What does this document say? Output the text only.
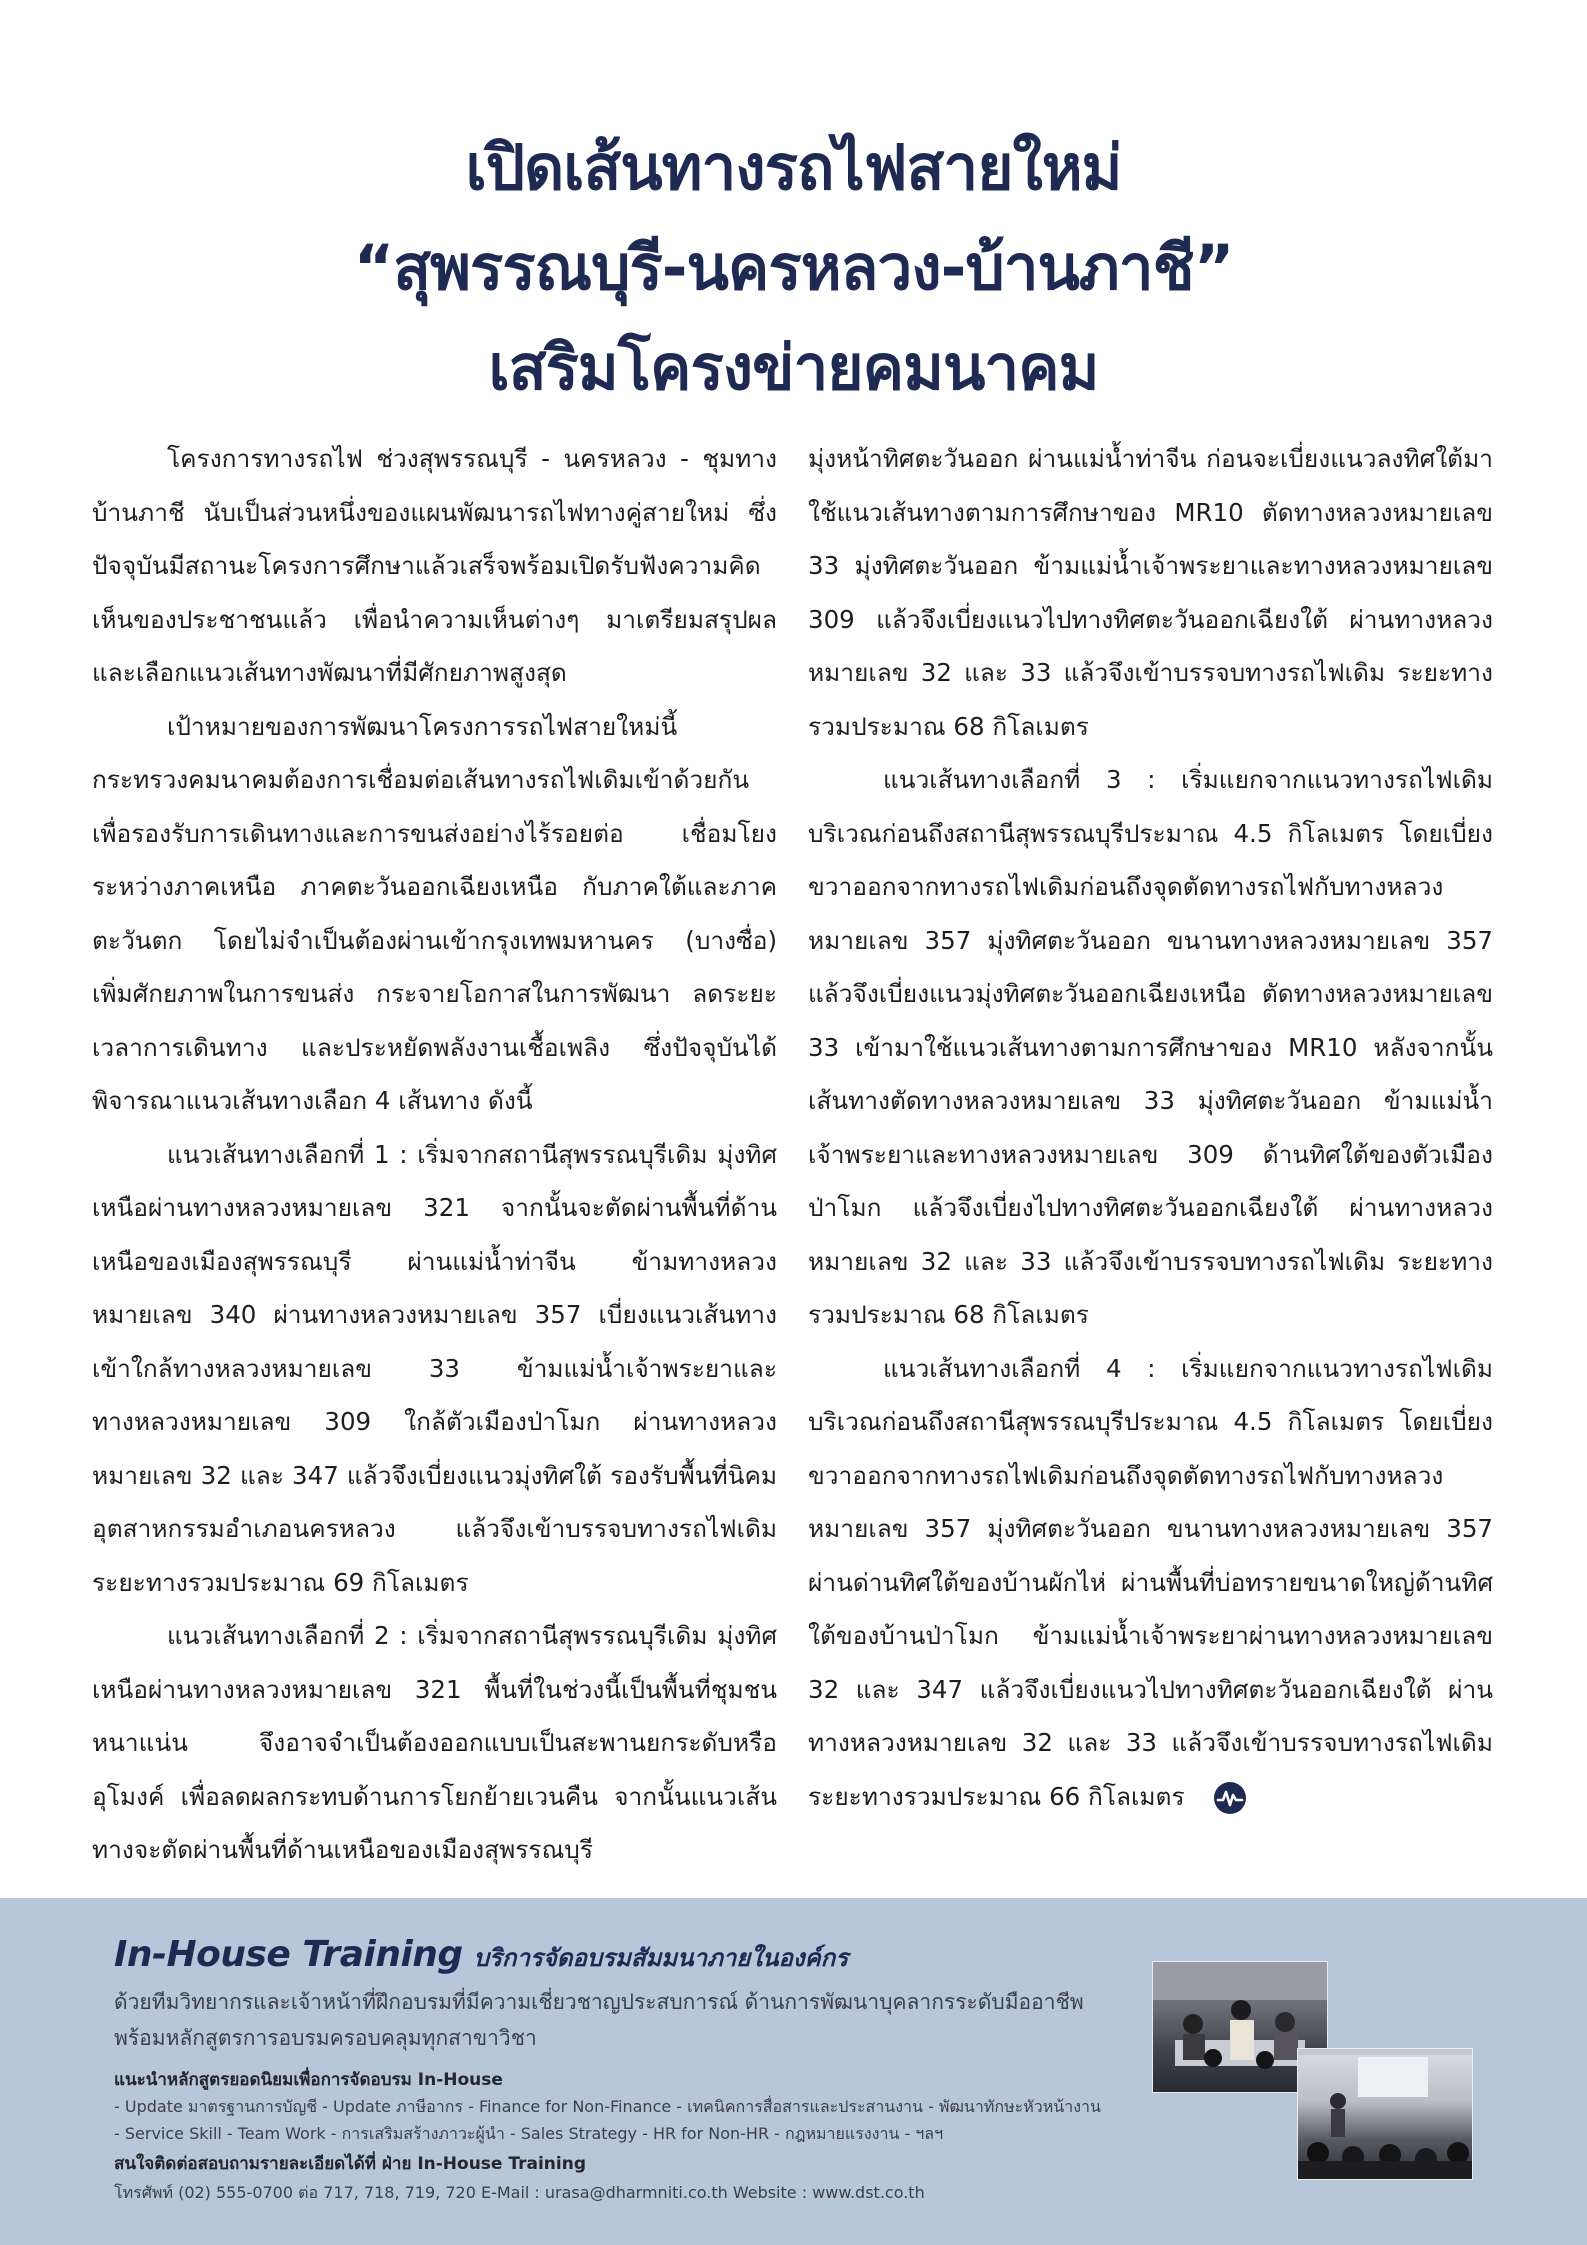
เปิดเส้นทางรถไฟสายใหม่
“สุพรรณบุรี-นครหลวง-บ้านภาชี”
เสริมโครงข่ายคมนาคม

โครงการทางรถไฟ ช่วงสุพรรณบุรี - นครหลวง - ชุมทางบ้านภาชี นับเป็นส่วนหนึ่งของแผนพัฒนารถไฟทางคู่สายใหม่ ซึ่งปัจจุบันมีสถานะโครงการศึกษาแล้วเสร็จพร้อมเปิดรับฟังความคิดเห็นของประชาชนแล้ว เพื่อนำความเห็นต่างๆ มาเตรียมสรุปผลและเลือกแนวเส้นทางพัฒนาที่มีศักยภาพสูงสุด

เป้าหมายของการพัฒนาโครงการรถไฟสายใหม่นี้ กระทรวงคมนาคมต้องการเชื่อมต่อเส้นทางรถไฟเดิมเข้าด้วยกัน เพื่อรองรับการเดินทางและการขนส่งอย่างไร้รอยต่อ เชื่อมโยงระหว่างภาคเหนือ ภาคตะวันออกเฉียงเหนือ กับภาคใต้และภาคตะวันตก โดยไม่จำเป็นต้องผ่านเข้ากรุงเทพมหานคร (บางซื่อ) เพิ่มศักยภาพในการขนส่ง กระจายโอกาสในการพัฒนา ลดระยะเวลาการเดินทาง และประหยัดพลังงานเชื้อเพลิง ซึ่งปัจจุบันได้พิจารณาแนวเส้นทางเลือก 4 เส้นทาง ดังนี้

แนวเส้นทางเลือกที่ 1 : เริ่มจากสถานีสุพรรณบุรีเดิม มุ่งทิศเหนือผ่านทางหลวงหมายเลข 321 จากนั้นจะตัดผ่านพื้นที่ด้านเหนือของเมืองสุพรรณบุรี ผ่านแม่น้ำท่าจีน ข้ามทางหลวงหมายเลข 340 ผ่านทางหลวงหมายเลข 357 เบี่ยงแนวเส้นทางเข้าใกล้ทางหลวงหมายเลข 33 ข้ามแม่น้ำเจ้าพระยาและทางหลวงหมายเลข 309 ใกล้ตัวเมืองป่าโมก ผ่านทางหลวงหมายเลข 32 และ 347 แล้วจึงเบี่ยงแนวมุ่งทิศใต้ รองรับพื้นที่นิคมอุตสาหกรรมอำเภอนครหลวง แล้วจึงเข้าบรรจบทางรถไฟเดิม ระยะทางรวมประมาณ 69 กิโลเมตร

แนวเส้นทางเลือกที่ 2 : เริ่มจากสถานีสุพรรณบุรีเดิม มุ่งทิศเหนือผ่านทางหลวงหมายเลข 321 พื้นที่ในช่วงนี้เป็นพื้นที่ชุมชนหนาแน่น จึงอาจจำเป็นต้องออกแบบเป็นสะพานยกระดับหรืออุโมงค์ เพื่อลดผลกระทบด้านการโยกย้ายเวนคืน จากนั้นแนวเส้นทางจะตัดผ่านพื้นที่ด้านเหนือของเมืองสุพรรณบุรี

มุ่งหน้าทิศตะวันออก ผ่านแม่น้ำท่าจีน ก่อนจะเบี่ยงแนวลงทิศใต้มาใช้แนวเส้นทางตามการศึกษาของ MR10 ตัดทางหลวงหมายเลข 33 มุ่งทิศตะวันออก ข้ามแม่น้ำเจ้าพระยาและทางหลวงหมายเลข 309 แล้วจึงเบี่ยงแนวไปทางทิศตะวันออกเฉียงใต้ ผ่านทางหลวงหมายเลข 32 และ 33 แล้วจึงเข้าบรรจบทางรถไฟเดิม ระยะทางรวมประมาณ 68 กิโลเมตร

แนวเส้นทางเลือกที่ 3 : เริ่มแยกจากแนวทางรถไฟเดิมบริเวณก่อนถึงสถานีสุพรรณบุรีประมาณ 4.5 กิโลเมตร โดยเบี่ยงขวาออกจากทางรถไฟเดิมก่อนถึงจุดตัดทางรถไฟกับทางหลวงหมายเลข 357 มุ่งทิศตะวันออก ขนานทางหลวงหมายเลข 357 แล้วจึงเบี่ยงแนวมุ่งทิศตะวันออกเฉียงเหนือ ตัดทางหลวงหมายเลข 33 เข้ามาใช้แนวเส้นทางตามการศึกษาของ MR10 หลังจากนั้นเส้นทางตัดทางหลวงหมายเลข 33 มุ่งทิศตะวันออก ข้ามแม่น้ำเจ้าพระยาและทางหลวงหมายเลข 309 ด้านทิศใต้ของตัวเมืองป่าโมก แล้วจึงเบี่ยงไปทางทิศตะวันออกเฉียงใต้ ผ่านทางหลวงหมายเลข 32 และ 33 แล้วจึงเข้าบรรจบทางรถไฟเดิม ระยะทางรวมประมาณ 68 กิโลเมตร

แนวเส้นทางเลือกที่ 4 : เริ่มแยกจากแนวทางรถไฟเดิมบริเวณก่อนถึงสถานีสุพรรณบุรีประมาณ 4.5 กิโลเมตร โดยเบี่ยงขวาออกจากทางรถไฟเดิมก่อนถึงจุดตัดทางรถไฟกับทางหลวงหมายเลข 357 มุ่งทิศตะวันออก ขนานทางหลวงหมายเลข 357 ผ่านด่านทิศใต้ของบ้านผักไห่ ผ่านพื้นที่บ่อทรายขนาดใหญ่ด้านทิศใต้ของบ้านป่าโมก ข้ามแม่น้ำเจ้าพระยาผ่านทางหลวงหมายเลข 32 และ 347 แล้วจึงเบี่ยงแนวไปทางทิศตะวันออกเฉียงใต้ ผ่านทางหลวงหมายเลข 32 และ 33 แล้วจึงเข้าบรรจบทางรถไฟเดิม ระยะทางรวมประมาณ 66 กิโลเมตร

In-House Training บริการจัดอบรมสัมมนาภายในองค์กร
ด้วยทีมวิทยากรและเจ้าหน้าที่ฝึกอบรมที่มีความเชี่ยวชาญประสบการณ์ ด้านการพัฒนาบุคลากรระดับมืออาชีพ
พร้อมหลักสูตรการอบรมครอบคลุมทุกสาขาวิชา
แนะนำหลักสูตรยอดนิยมเพื่อการจัดอบรม In-House
- Update มาตรฐานการบัญชี - Update ภาษีอากร - Finance for Non-Finance - เทคนิคการสื่อสารและประสานงาน - พัฒนาทักษะหัวหน้างาน
- Service Skill - Team Work - การเสริมสร้างภาวะผู้นำ - Sales Strategy - HR for Non-HR - กฎหมายแรงงาน - ฯลฯ
สนใจติดต่อสอบถามรายละเอียดได้ที่ ฝ่าย In-House Training
โทรศัพท์ (02) 555-0700 ต่อ 717, 718, 719, 720 E-Mail : urasa@dharmniti.co.th Website : www.dst.co.th
